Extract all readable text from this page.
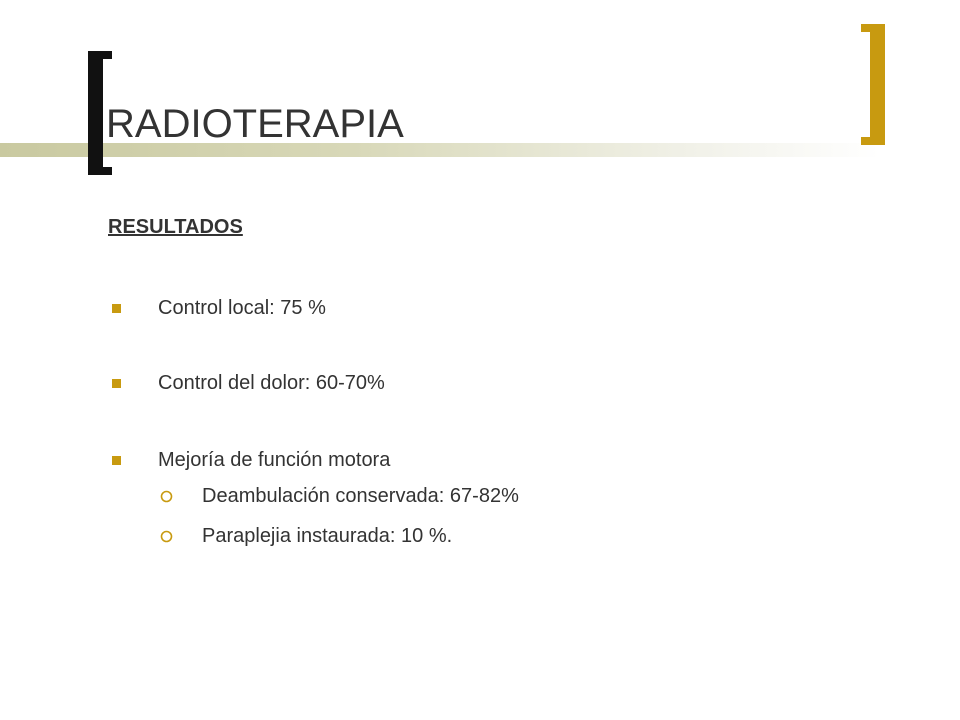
RADIOTERAPIA
RESULTADOS
Control local: 75 %
Control del dolor: 60-70%
Mejoría de función motora
Deambulación conservada: 67-82%
Paraplejia instaurada: 10 %.
